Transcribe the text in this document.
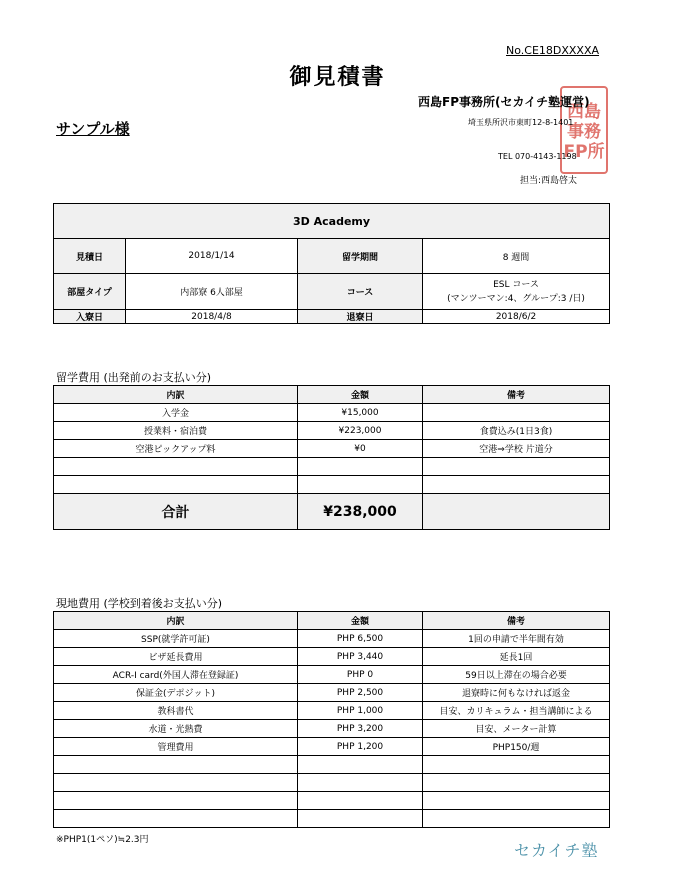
No.CE18DXXXXA
御見積書
サンプル様
西島
事務
FP所
西島FP事務所(セカイチ塾運営)
埼玉県所沢市東町12-8-1401
TEL 070-4143-1198
担当:西島啓太
3D Academy			
見積日	2018/1/14	留学期間	8 週間
部屋タイプ	内部寮 6人部屋	コース	ESL コース
(マンツーマン:4、グループ:3 /日)

入寮日	2018/4/8	退寮日	2018/6/2
留学費用 (出発前のお支払い分)
内訳	金額	備考
入学金	¥15,000	
授業料・宿泊費	¥223,000	食費込み(1日3食)
空港ピックアップ料	¥0	空港⇒学校 片道分

合計	¥238,000	
現地費用 (学校到着後お支払い分)
内訳	金額	備考
SSP(就学許可証)	PHP 6,500	1回の申請で半年間有効
ビザ延長費用	PHP 3,440	延長1回
ACR-I card(外国人滞在登録証)	PHP 0	59日以上滞在の場合必要
保証金(デポジット)	PHP 2,500	退寮時に何もなければ返金
教科書代	PHP 1,000	目安、カリキュラム・担当講師による
水道・光熱費	PHP 3,200	目安、メーター計算
管理費用	PHP 1,200	PHP150/週

※PHP1(1ペソ)≒2.3円
セカイチ塾
